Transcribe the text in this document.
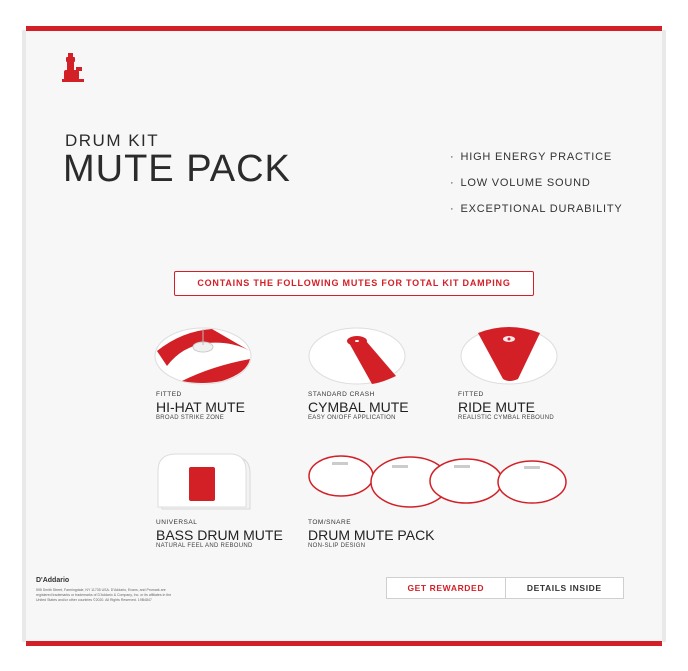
DRUM KIT
MUTE PACK
·	HIGH ENERGY PRACTICE
· LOW VOLUME SOUND
· EXCEPTIONAL DURABILITY
CONTAINS THE FOLLOWING MUTES FOR TOTAL KIT DAMPING
FITTED
HI-HAT MUTE
BROAD STRIKE ZONE
STANDARD CRASH
CYMBAL MUTE
EASY ON/OFF APPLICATION
FITTED
RIDE MUTE
REALISTIC CYMBAL REBOUND
UNIVERSAL
BASS DRUM MUTE
NATURAL FEEL AND REBOUND
TOM/SNARE
DRUM MUTE PACK
NON-SLIP DESIGN
D'Addario
595 Smith Street, Farmingdale, NY 11735 USA. D'Addario, Evans, and Promark are registered trademarks or trademarks of D'Addario & Company, Inc. or its affiliates in the United States and/or other countries ©2020. All Rights Reserved. 19B4847
GET REWARDED	DETAILS INSIDE
